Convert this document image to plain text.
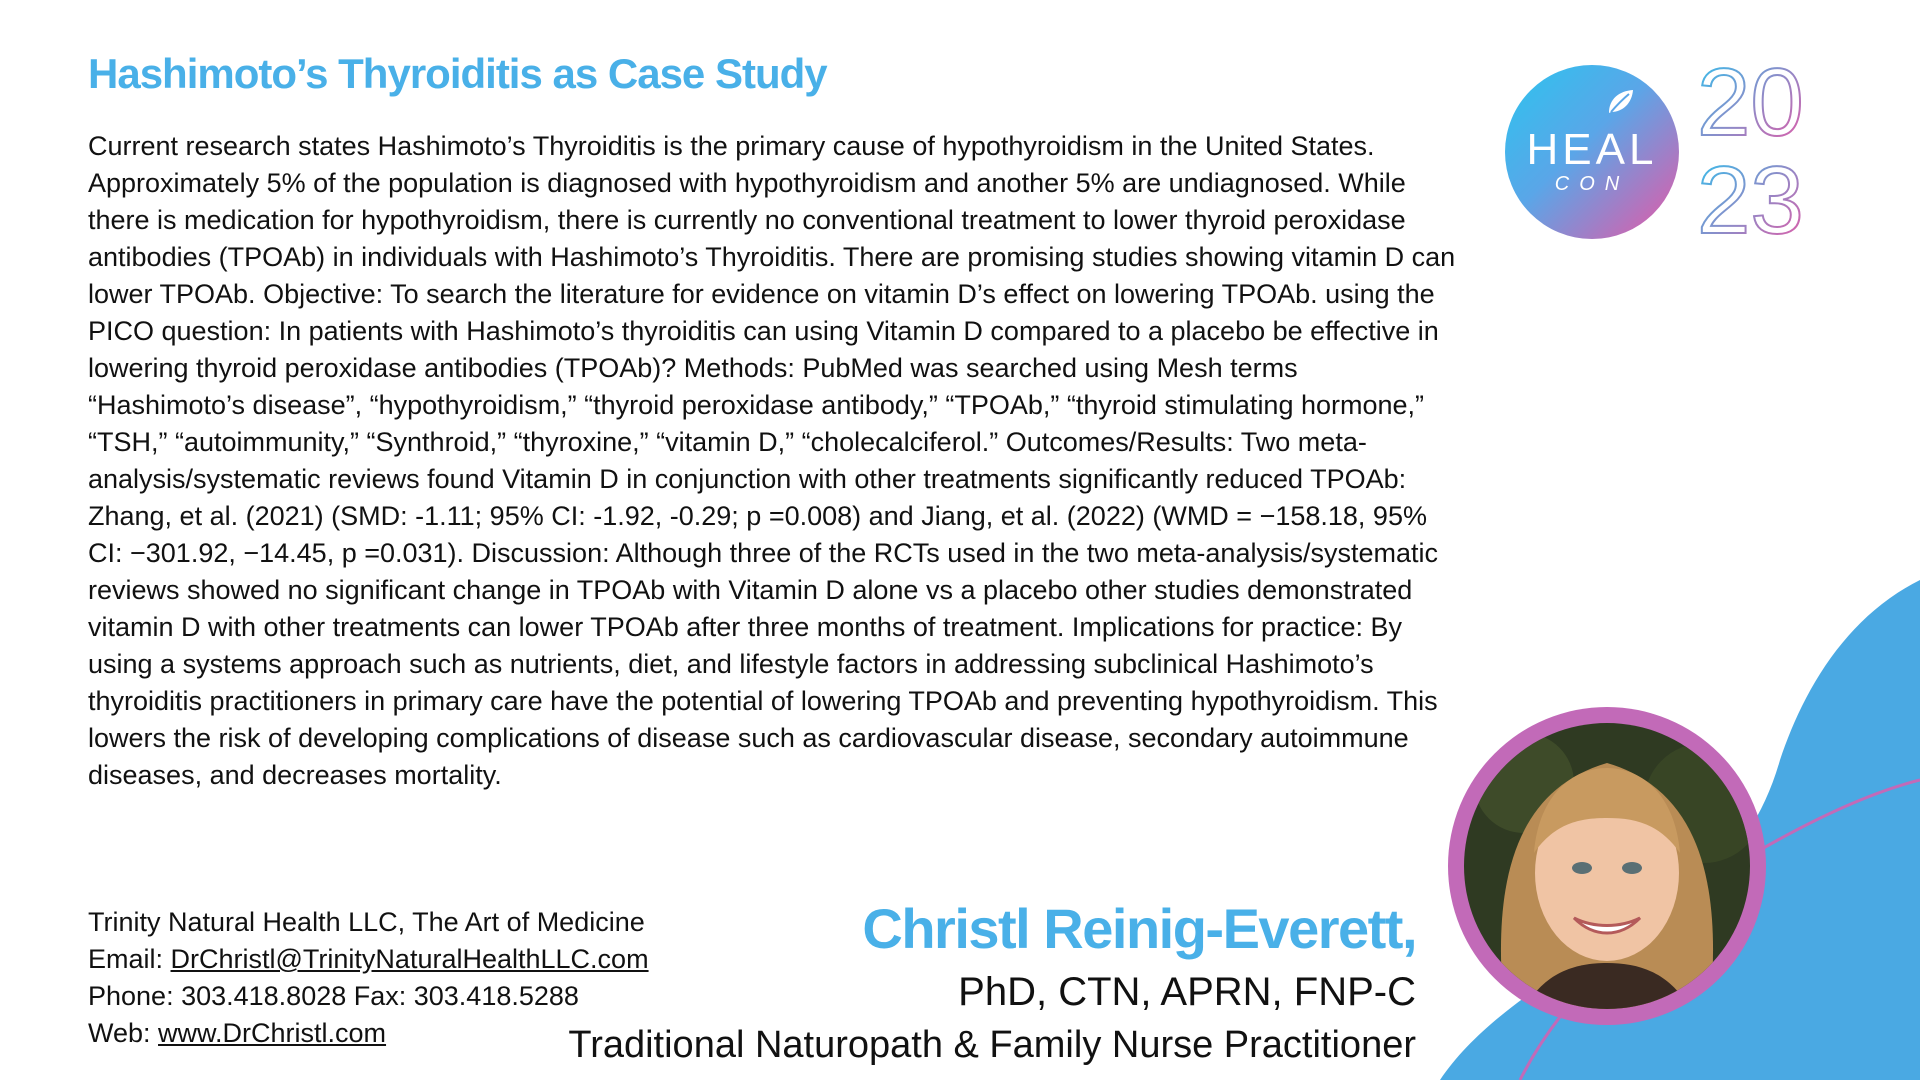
Hashimoto’s Thyroiditis as Case Study

Current research states Hashimoto’s Thyroiditis is the primary cause of hypothyroidism in the United States. Approximately 5% of the population is diagnosed with hypothyroidism and another 5% are undiagnosed. While there is medication for hypothyroidism, there is currently no conventional treatment to lower thyroid peroxidase antibodies (TPOAb) in individuals with Hashimoto’s Thyroiditis. There are promising studies showing vitamin D can lower TPOAb. Objective: To search the literature for evidence on vitamin D’s effect on lowering TPOAb. using the PICO question: In patients with Hashimoto’s thyroiditis can using Vitamin D compared to a placebo be effective in lowering thyroid peroxidase antibodies (TPOAb)? Methods: PubMed was searched using Mesh terms “Hashimoto’s disease”, “hypothyroidism,” “thyroid peroxidase antibody,” “TPOAb,” “thyroid stimulating hormone,” “TSH,” “autoimmunity,” “Synthroid,” “thyroxine,” “vitamin D,” “cholecalciferol.” Outcomes/Results: Two meta-analysis/systematic reviews found Vitamin D in conjunction with other treatments significantly reduced TPOAb: Zhang, et al. (2021) (SMD: -1.11; 95% CI: -1.92, -0.29; p =0.008) and Jiang, et al. (2022) (WMD = −158.18, 95% CI: −301.92, −14.45, p =0.031). Discussion: Although three of the RCTs used in the two meta-analysis/systematic reviews showed no significant change in TPOAb with Vitamin D alone vs a placebo other studies demonstrated vitamin D with other treatments can lower TPOAb after three months of treatment. Implications for practice: By using a systems approach such as nutrients, diet, and lifestyle factors in addressing subclinical Hashimoto’s thyroiditis practitioners in primary care have the potential of lowering TPOAb and preventing hypothyroidism. This lowers the risk of developing complications of disease such as cardiovascular disease, secondary autoimmune diseases, and decreases mortality.

Trinity Natural Health LLC, The Art of Medicine
Email: DrChristl@TrinityNaturalHealthLLC.com
Phone: 303.418.8028 Fax: 303.418.5288
Web: www.DrChristl.com
Christl Reinig-Everett,
PhD, CTN, APRN, FNP-C
Traditional Naturopath & Family Nurse Practitioner
HEAL
CON
20
23
